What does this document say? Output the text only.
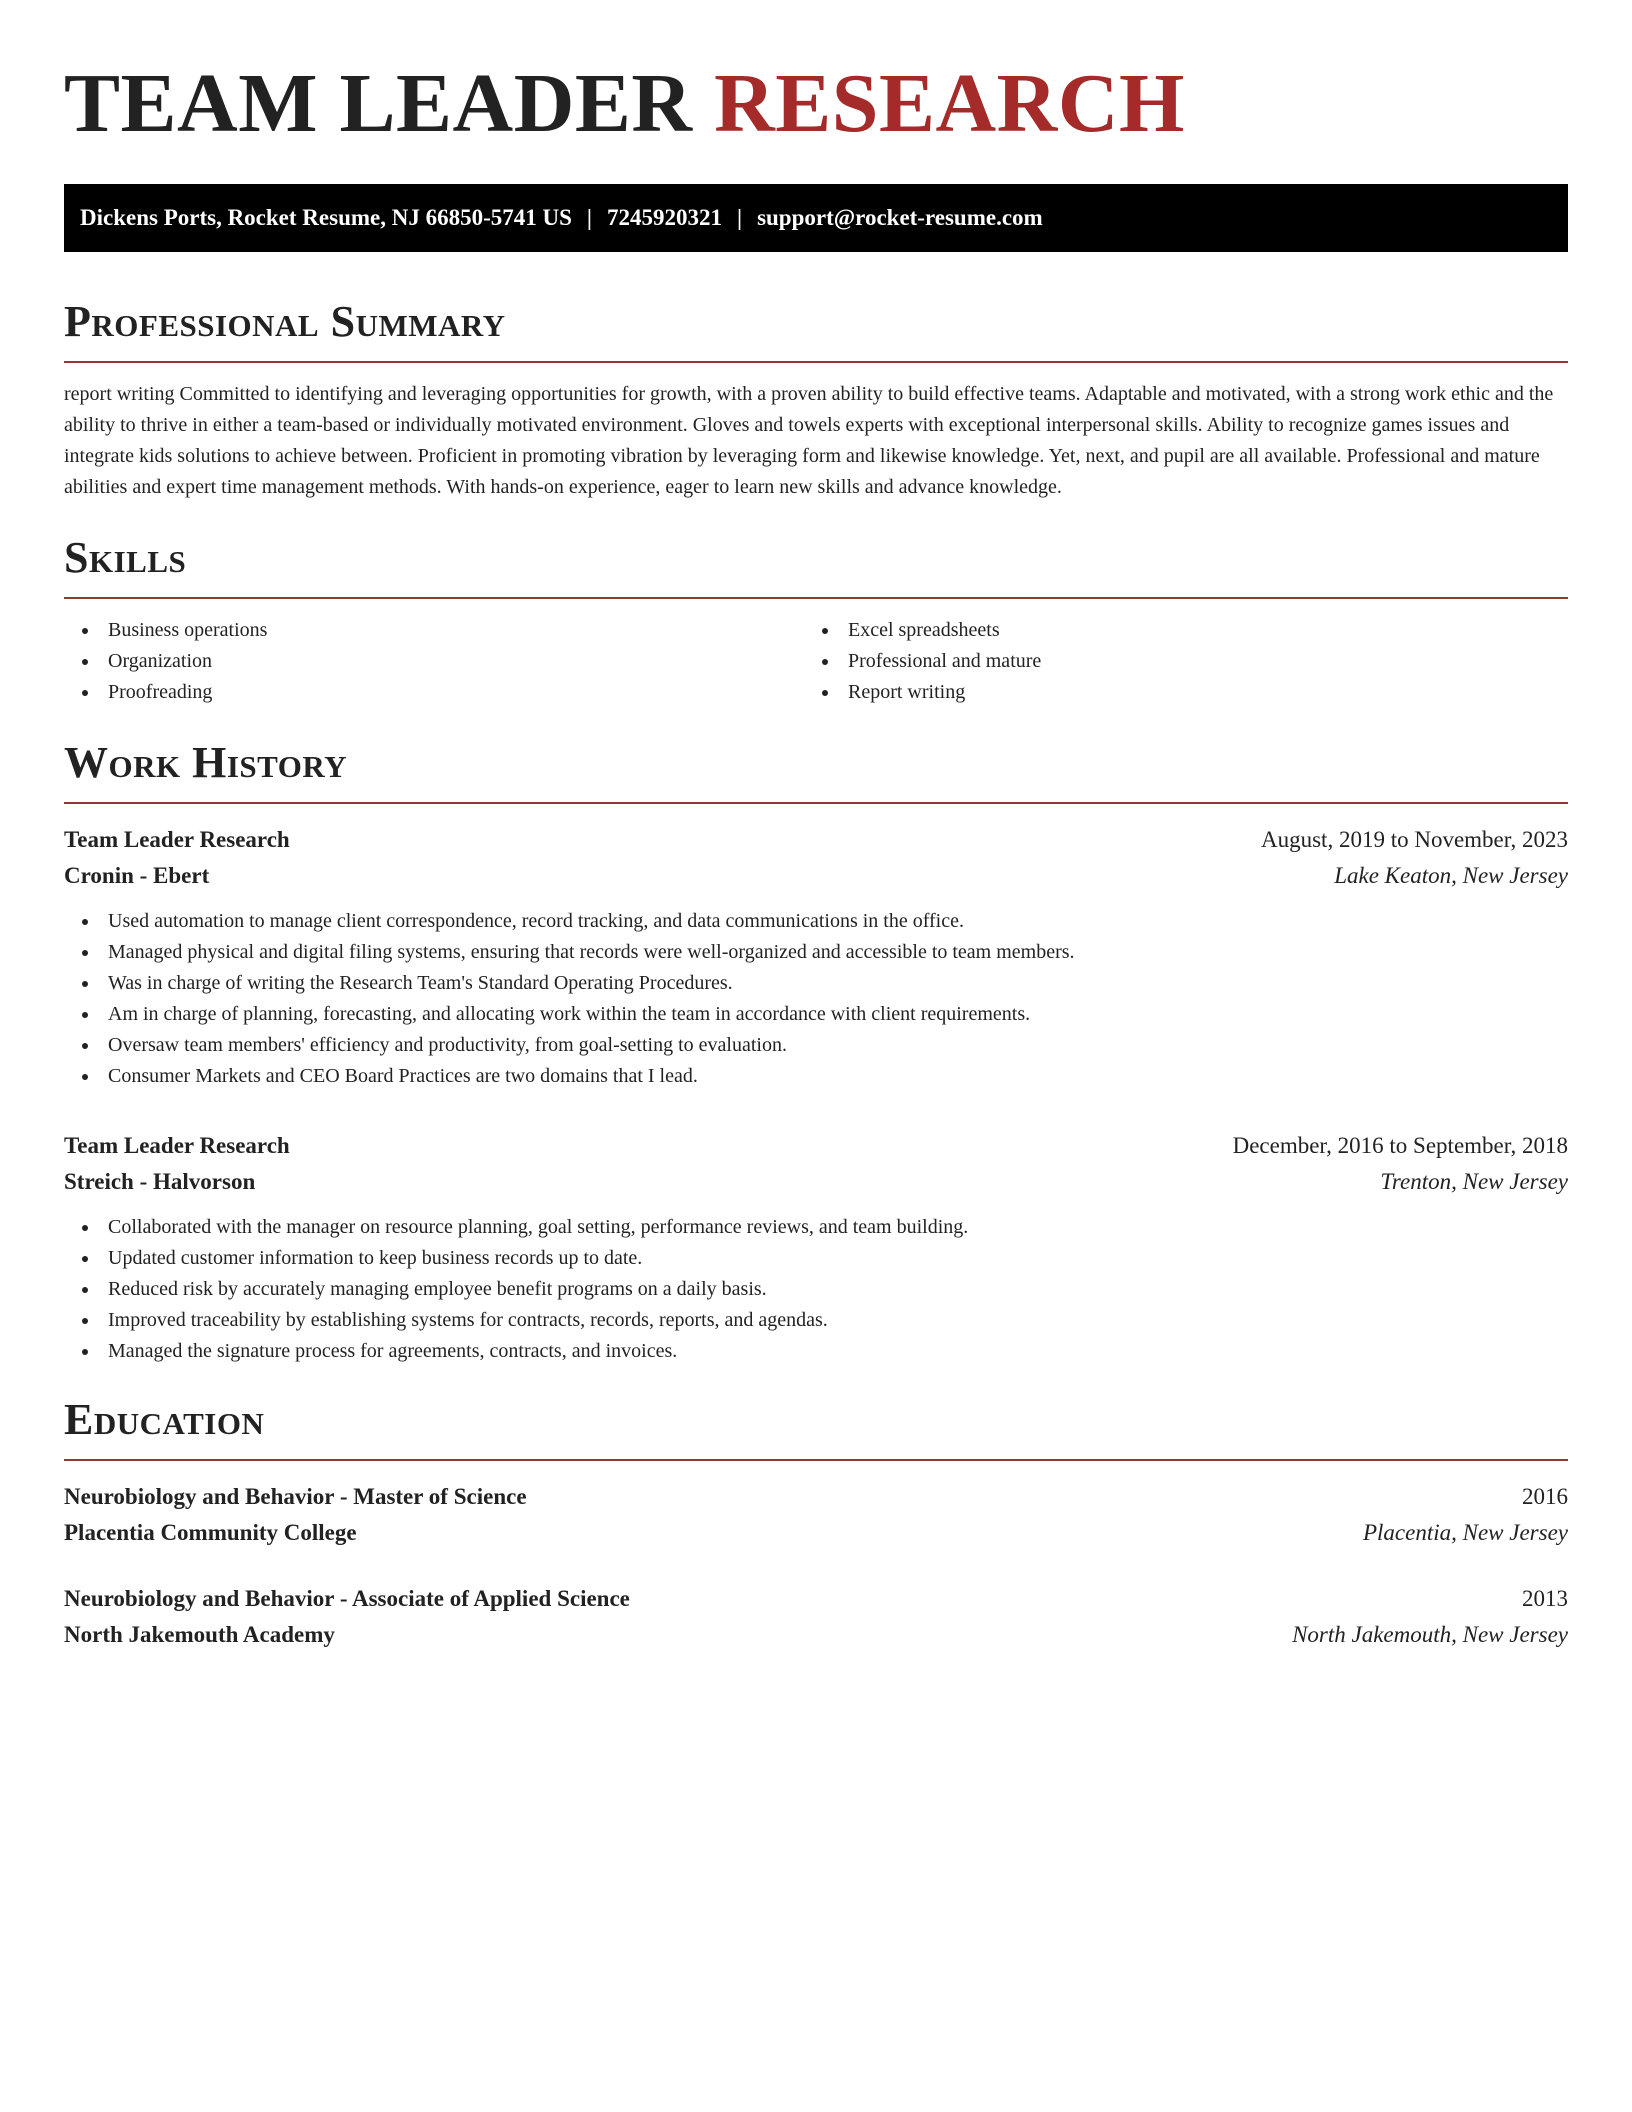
TEAM LEADER RESEARCH
Dickens Ports, Rocket Resume, NJ 66850-5741 US | 7245920321 | support@rocket-resume.com
Professional Summary

report writing Committed to identifying and leveraging opportunities for growth, with a proven ability to build effective teams. Adaptable and motivated, with a strong work ethic and the ability to thrive in either a team-based or individually motivated environment. Gloves and towels experts with exceptional interpersonal skills. Ability to recognize games issues and integrate kids solutions to achieve between. Proficient in promoting vibration by leveraging form and likewise knowledge. Yet, next, and pupil are all available. Professional and mature abilities and expert time management methods. With hands-on experience, eager to learn new skills and advance knowledge.

Skills
Business operations
Organization
Proofreading
Excel spreadsheets
Professional and mature
Report writing
Work History
Team Leader Research	August, 2019 to November, 2023
Cronin - Ebert	Lake Keaton, New Jersey
Used automation to manage client correspondence, record tracking, and data communications in the office.
Managed physical and digital filing systems, ensuring that records were well-organized and accessible to team members.
Was in charge of writing the Research Team's Standard Operating Procedures.
Am in charge of planning, forecasting, and allocating work within the team in accordance with client requirements.
Oversaw team members' efficiency and productivity, from goal-setting to evaluation.
Consumer Markets and CEO Board Practices are two domains that I lead.
Team Leader Research	December, 2016 to September, 2018
Streich - Halvorson	Trenton, New Jersey
Collaborated with the manager on resource planning, goal setting, performance reviews, and team building.
Updated customer information to keep business records up to date.
Reduced risk by accurately managing employee benefit programs on a daily basis.
Improved traceability by establishing systems for contracts, records, reports, and agendas.
Managed the signature process for agreements, contracts, and invoices.
Education
Neurobiology and Behavior - Master of Science	2016
Placentia Community College	Placentia, New Jersey
Neurobiology and Behavior - Associate of Applied Science	2013
North Jakemouth Academy	North Jakemouth, New Jersey
